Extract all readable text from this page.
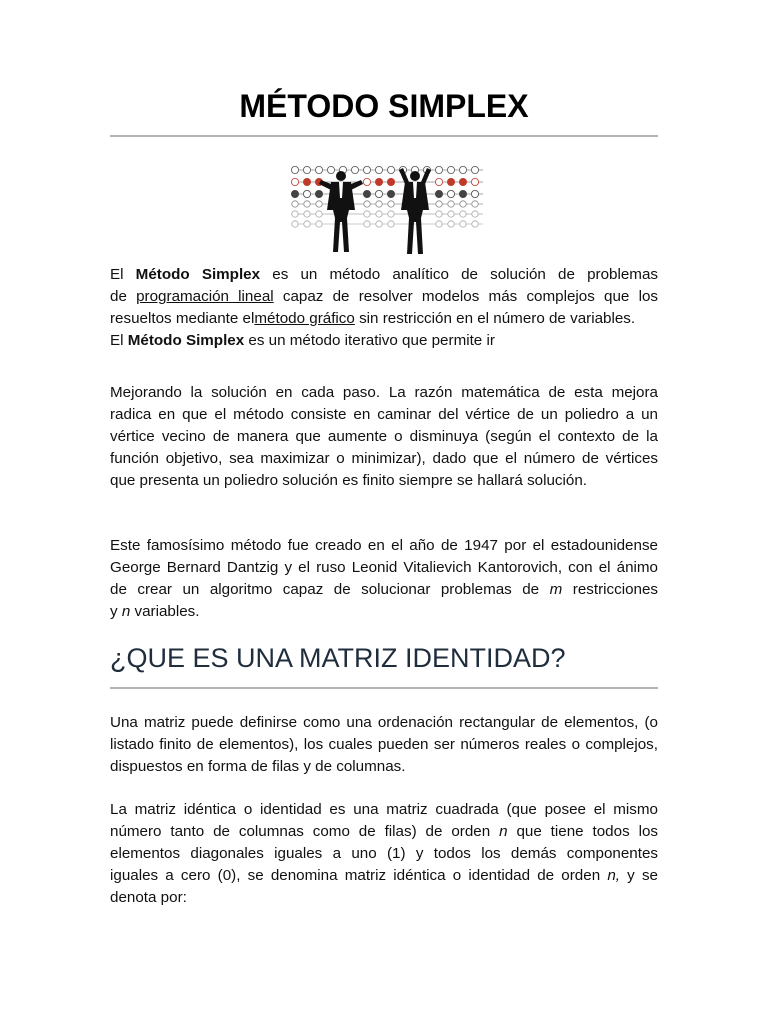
MÉTODO SIMPLEX

El Método Simplex es un método analítico de solución de problemas
de programación lineal capaz de resolver modelos más complejos que los
resueltos mediante elmétodo gráfico sin restricción en el número de variables.
El Método Simplex es un método iterativo que permite ir

Mejorando la solución en cada paso. La razón matemática de esta mejora
radica en que el método consiste en caminar del vértice de un poliedro a un
vértice vecino de manera que aumente o disminuya (según el contexto de la
función objetivo, sea maximizar o minimizar), dado que el número de vértices
que presenta un poliedro solución es finito siempre se hallará solución.

Este famosísimo método fue creado en el año de 1947 por el estadounidense
George Bernard Dantzig y el ruso Leonid Vitalievich Kantorovich, con el ánimo
de crear un algoritmo capaz de solucionar problemas de m restricciones
y n variables.

¿QUE ES UNA MATRIZ IDENTIDAD?

Una matriz puede definirse como una ordenación rectangular de elementos, (o
listado finito de elementos), los cuales pueden ser números reales o complejos,
dispuestos en forma de filas y de columnas.

La matriz idéntica o identidad es una matriz cuadrada (que posee el mismo
número tanto de columnas como de filas) de orden n que tiene todos los
elementos diagonales iguales a uno (1) y todos los demás componentes
iguales a cero (0), se denomina matriz idéntica o identidad de orden n, y se
denota por:
